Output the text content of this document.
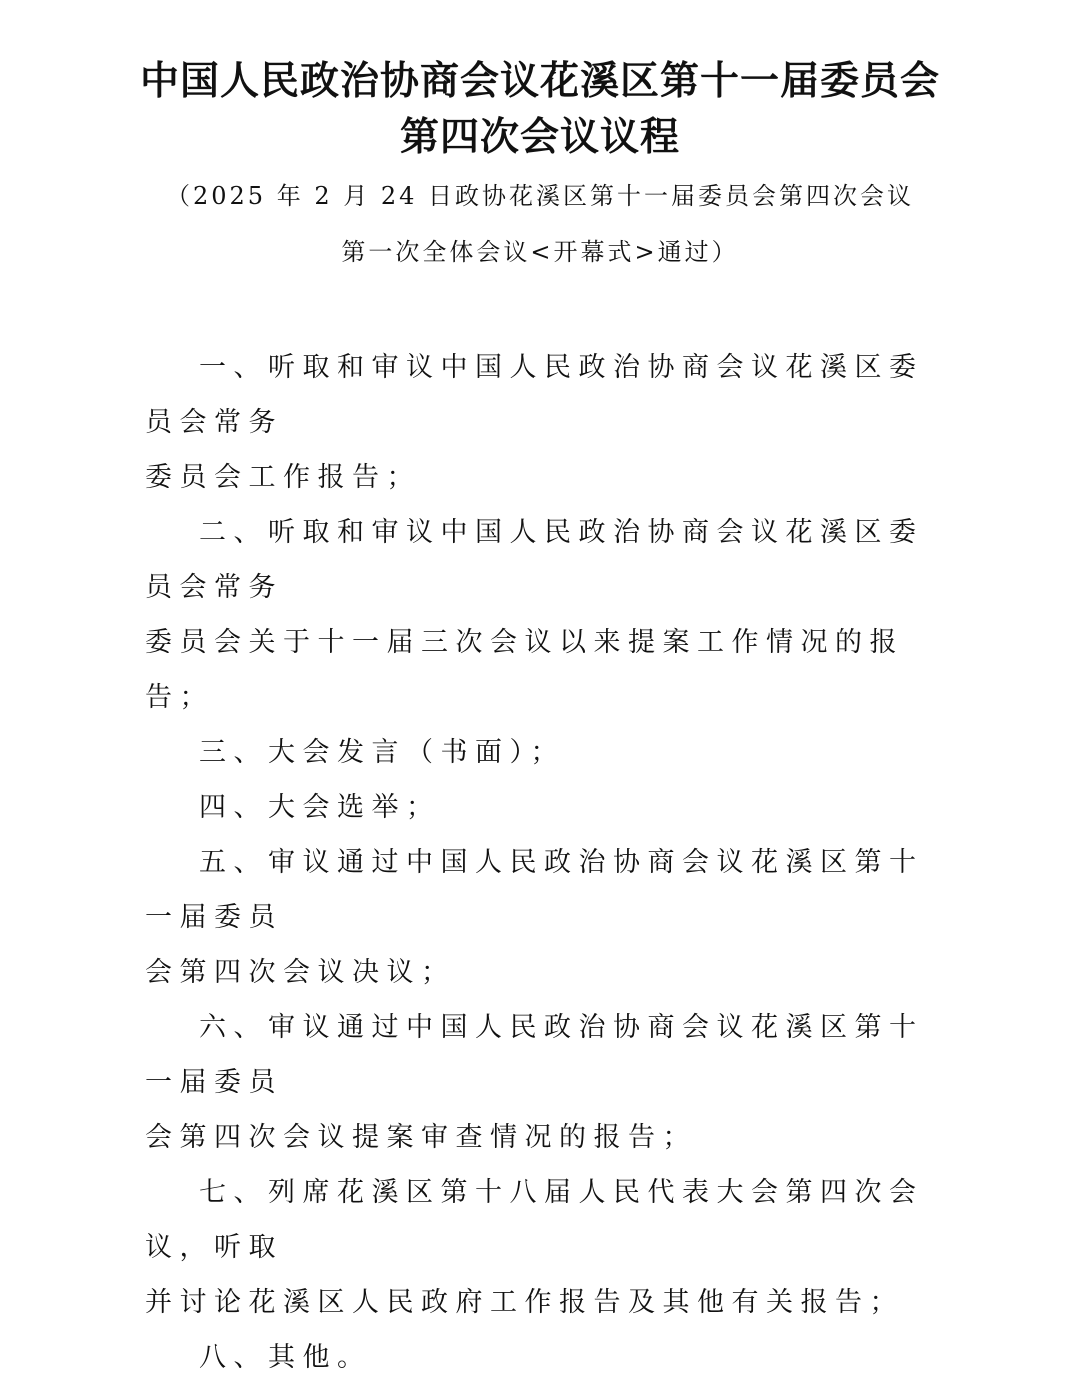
中国人民政治协商会议花溪区第十一届委员会
第四次会议议程

（2025 年 2 月 24 日政协花溪区第十一届委员会第四次会议

第一次全体会议<开幕式>通过）

一、听取和审议中国人民政治协商会议花溪区委员会常务
委员会工作报告；
二、听取和审议中国人民政治协商会议花溪区委员会常务
委员会关于十一届三次会议以来提案工作情况的报告；
三、大会发言（书面）；
四、大会选举；
五、审议通过中国人民政治协商会议花溪区第十一届委员
会第四次会议决议；
六、审议通过中国人民政治协商会议花溪区第十一届委员
会第四次会议提案审查情况的报告；
七、列席花溪区第十八届人民代表大会第四次会议，听取
并讨论花溪区人民政府工作报告及其他有关报告；
八、其他。
